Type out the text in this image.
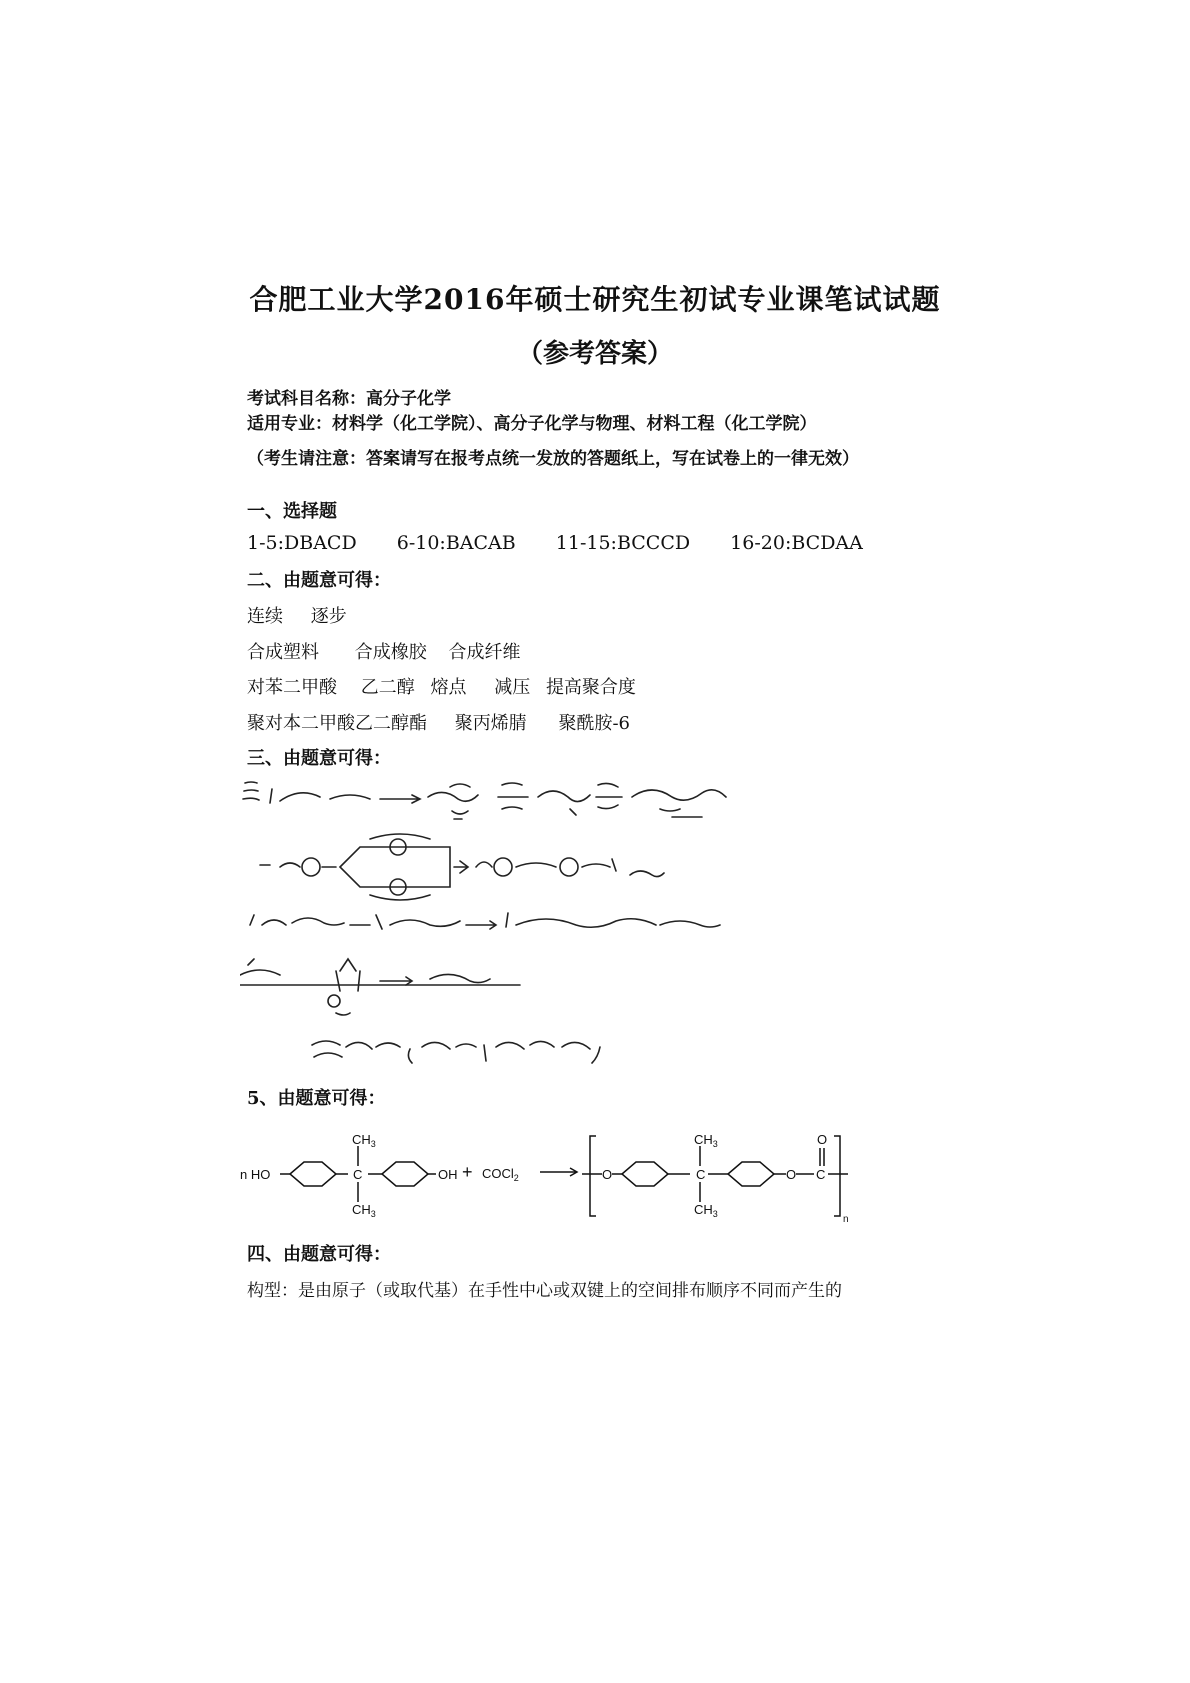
合肥工业大学2016年硕士研究生初试专业课笔试试题
（参考答案）
考试科目名称：高分子化学
适用专业：材料学（化工学院）、高分子化学与物理、材料工程（化工学院）
（考生请注意：答案请写在报考点统一发放的答题纸上，写在试卷上的一律无效）
一、选择题
1-5:DBACD 6-10:BACAB 11-15:BCCCD 16-20:BCDAA
二、由题意可得：
连续 逐步
合成塑料 合成橡胶 合成纤维
对苯二甲酸 乙二醇 熔点 减压 提高聚合度
聚对本二甲酸乙二醇酯 聚丙烯腈 聚酰胺-6
三、由题意可得：
5、由题意可得：
n HO
$CH_3$
C
$CH_3$
OH + COCl$_2$	O
$CH_3$
C
$CH_3$
O
O
C
n
四、由题意可得：
构型：是由原子（或取代基）在手性中心或双键上的空间排布顺序不同而产生的
